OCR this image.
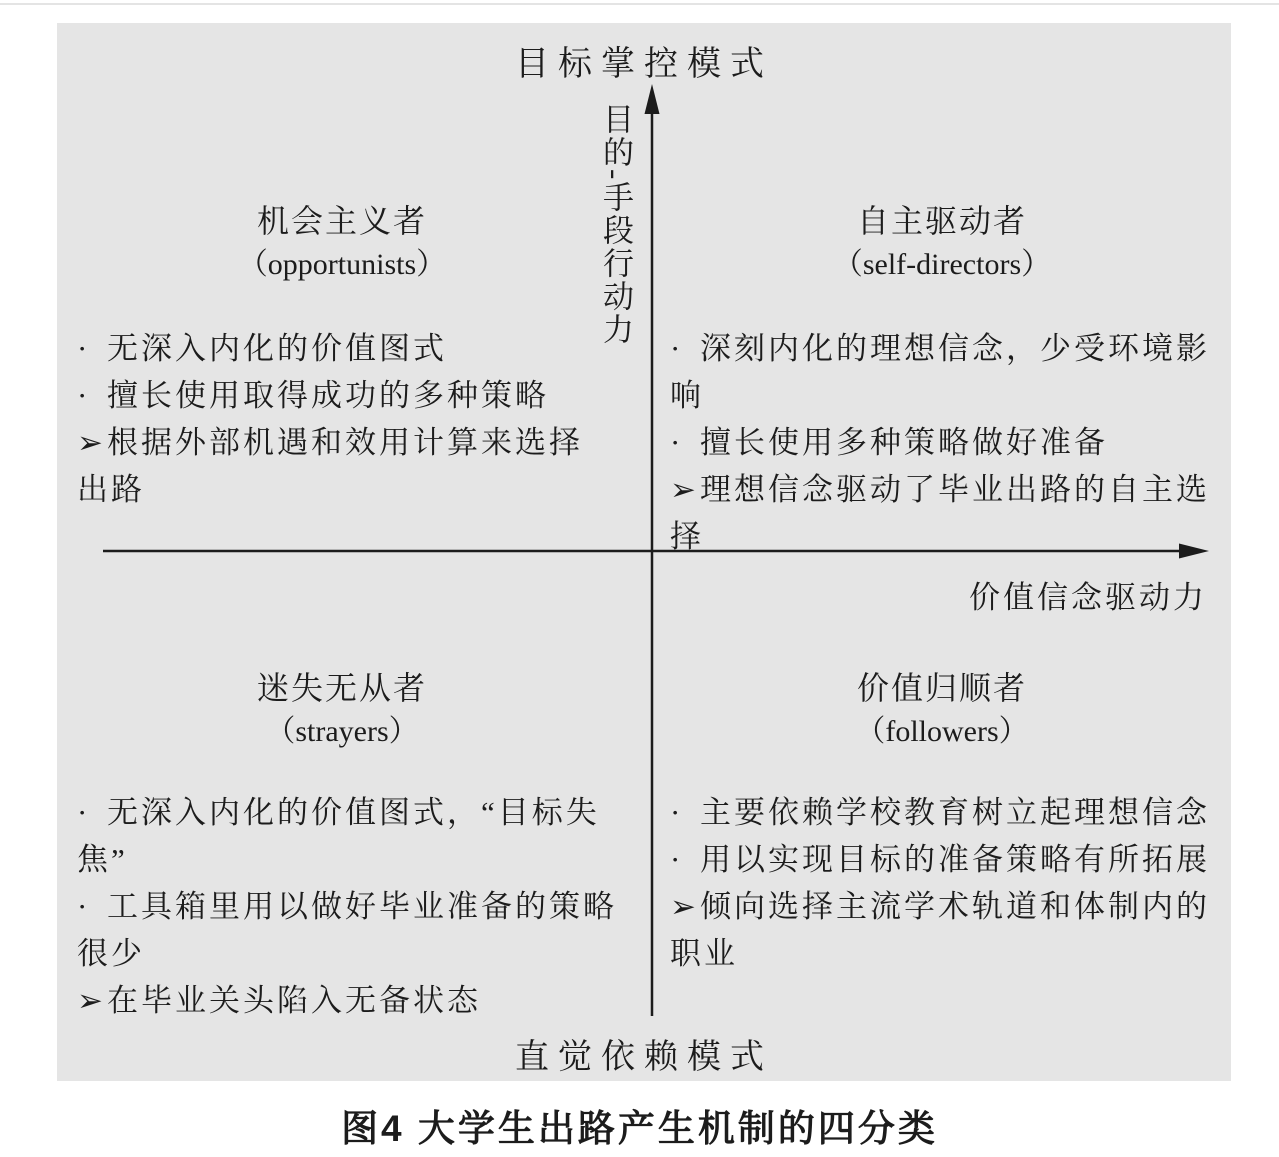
目标掌控模式
目的-手段行动力
价值信念驱动力
机会主义者
（opportunists）

· 无深入内化的价值图式

· 擅长使用取得成功的多种策略

➢ 根据外部机遇和效用计算来选择出路

自主驱动者
（self-directors）

· 深刻内化的理想信念，少受环境影响

· 擅长使用多种策略做好准备

➢ 理想信念驱动了毕业出路的自主选择

迷失无从者
（strayers）

· 无深入内化的价值图式，“目标失焦”

· 工具箱里用以做好毕业准备的策略很少

➢ 在毕业关头陷入无备状态

价值归顺者
（followers）

· 主要依赖学校教育树立起理想信念

· 用以实现目标的准备策略有所拓展

➢ 倾向选择主流学术轨道和体制内的职业

直觉依赖模式
图4 大学生出路产生机制的四分类
